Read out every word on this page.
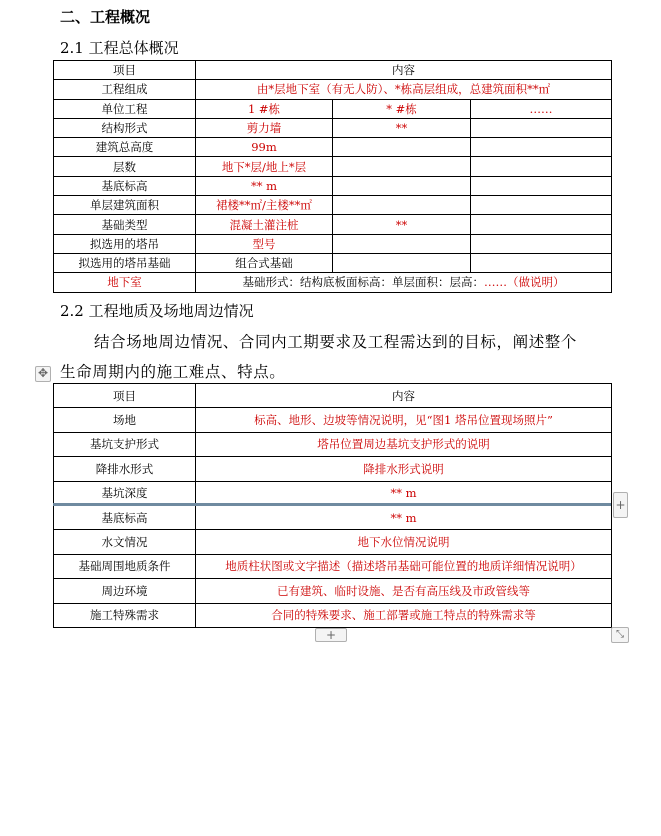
二、工程概况
2.1 工程总体概况
项目	内容		
工程组成	由*层地下室（有无人防）、*栋高层组成，总建筑面积**㎡		
单位工程	1 #栋	* #栋	……
结构形式	剪力墙	**	
建筑总高度	99m		
层数	地下*层/地上*层		
基底标高	** m		
单层建筑面积	裙楼**㎡/主楼**㎡		
基础类型	混凝土灌注桩	**	
拟选用的塔吊	型号		
拟选用的塔吊基础	组合式基础		
地下室	基础形式：结构底板面标高：单层面积：层高：……（做说明）		
2.2 工程地质及场地周边情况
结合场地周边情况、合同内工期要求及工程需达到的目标，阐述整个
生命周期内的施工难点、特点。
✥
项目	内容
场地	标高、地形、边坡等情况说明，见“图1 塔吊位置现场照片”
基坑支护形式	塔吊位置周边基坑支护形式的说明
降排水形式	降排水形式说明
基坑深度	** m
基底标高	** m
水文情况	地下水位情况说明
基础周围地质条件	地质柱状图或文字描述（描述塔吊基础可能位置的地质详细情况说明）
周边环境	已有建筑、临时设施、是否有高压线及市政管线等
施工特殊需求	合同的特殊要求、施工部署或施工特点的特殊需求等
+
+	⤡
